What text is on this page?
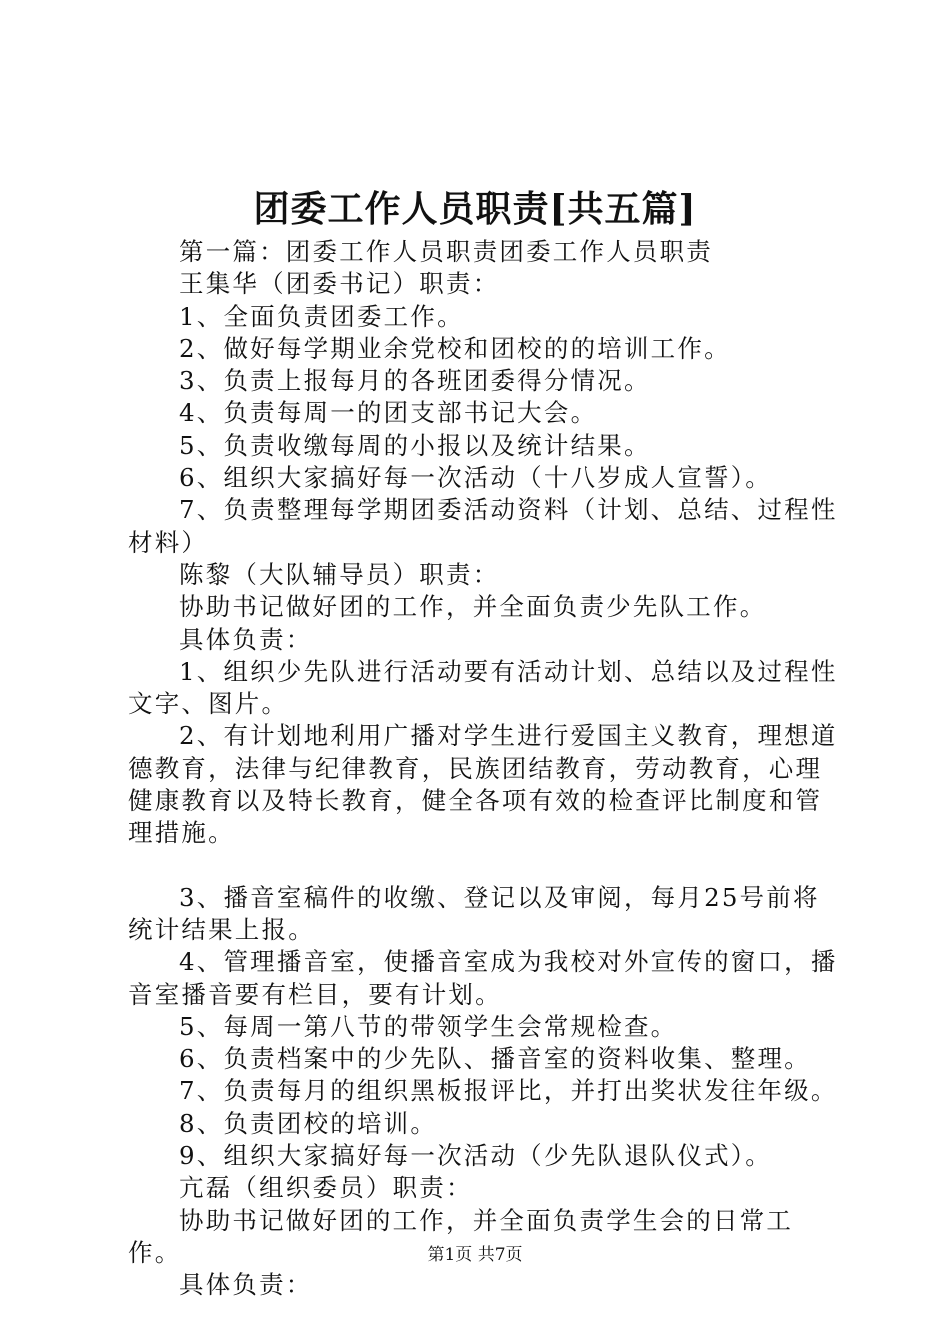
团委工作人员职责[共五篇]

第一篇：团委工作人员职责团委工作人员职责

王集华（团委书记）职责：

1、全面负责团委工作。

2、做好每学期业余党校和团校的的培训工作。

3、负责上报每月的各班团委得分情况。

4、负责每周一的团支部书记大会。

5、负责收缴每周的小报以及统计结果。

6、组织大家搞好每一次活动（十八岁成人宣誓）。

7、负责整理每学期团委活动资料（计划、总结、过程性材料）

陈黎（大队辅导员）职责：

协助书记做好团的工作，并全面负责少先队工作。

具体负责：

1、组织少先队进行活动要有活动计划、总结以及过程性文字、图片。

2、有计划地利用广播对学生进行爱国主义教育，理想道德教育，法律与纪律教育，民族团结教育，劳动教育，心理健康教育以及特长教育，健全各项有效的检查评比制度和管理措施。

3、播音室稿件的收缴、登记以及审阅，每月25号前将统计结果上报。

4、管理播音室，使播音室成为我校对外宣传的窗口，播音室播音要有栏目，要有计划。

5、每周一第八节的带领学生会常规检查。

6、负责档案中的少先队、播音室的资料收集、整理。

7、负责每月的组织黑板报评比，并打出奖状发往年级。

8、负责团校的培训。

9、组织大家搞好每一次活动（少先队退队仪式）。

亢磊（组织委员）职责：

协助书记做好团的工作，并全面负责学生会的日常工作。

具体负责：

第1页 共7页
